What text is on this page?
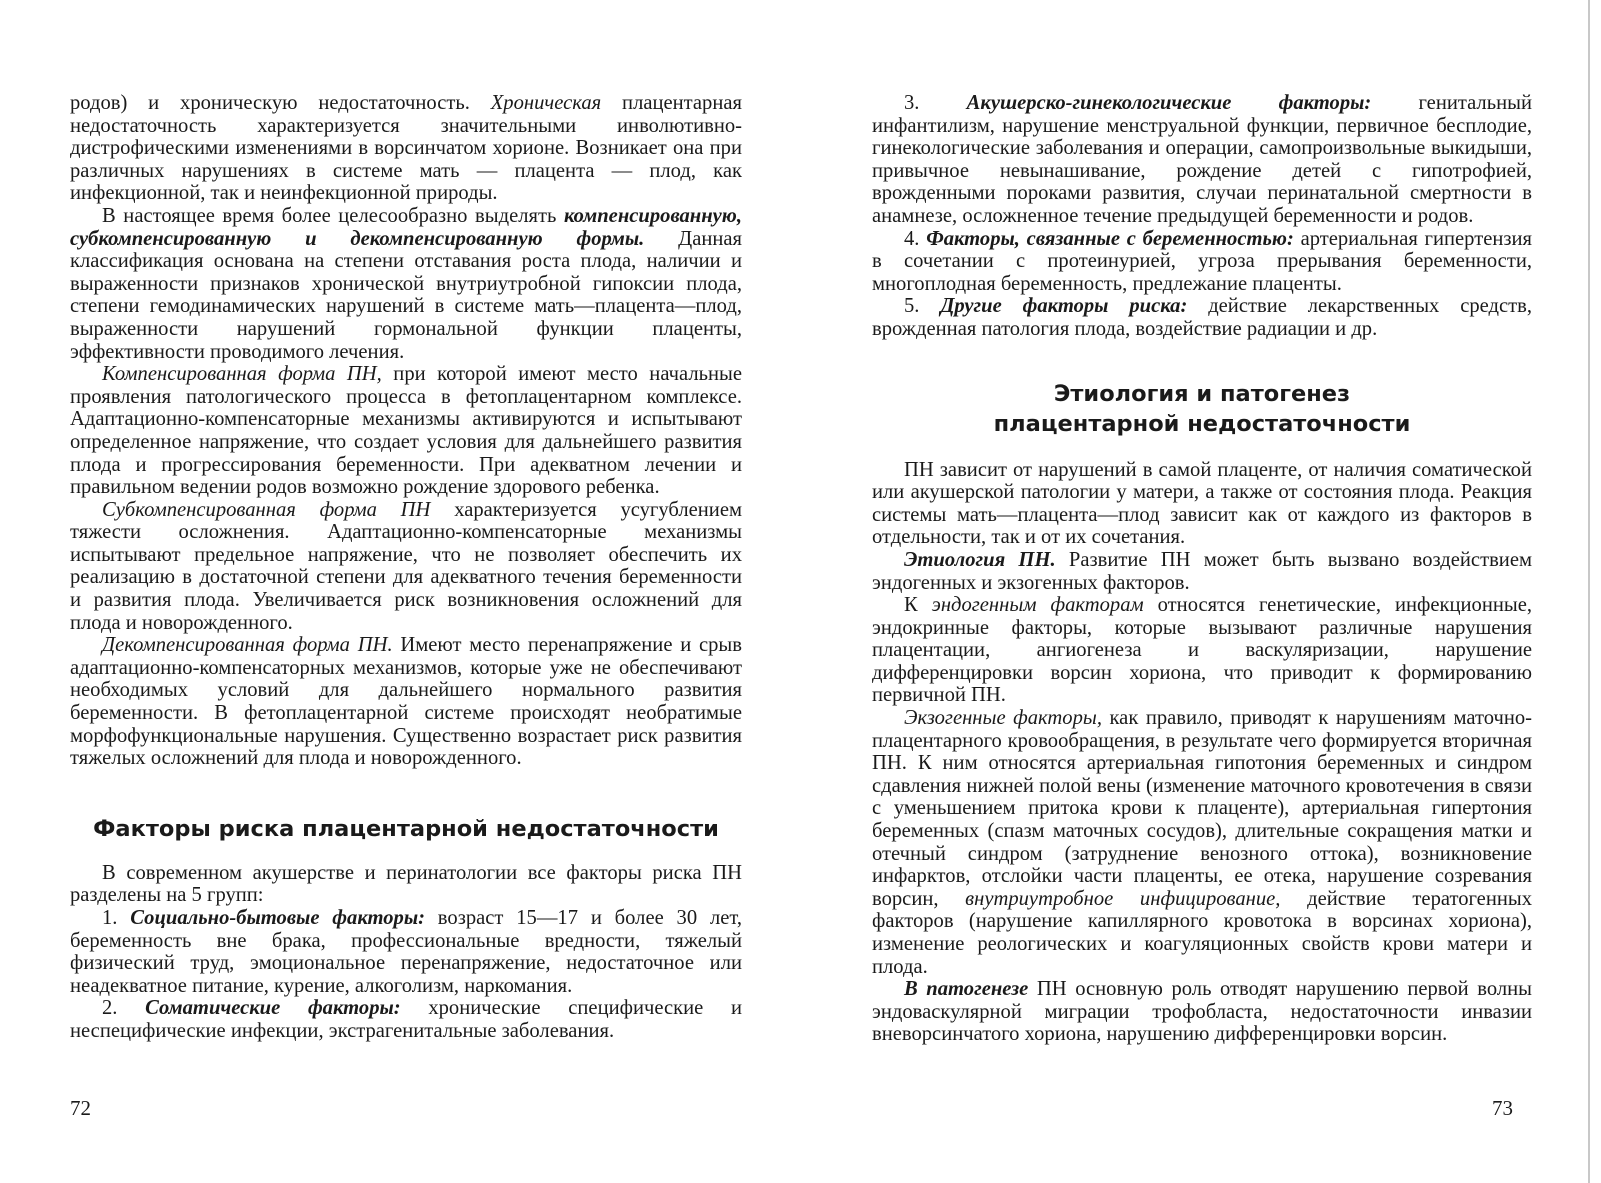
родов) и хроническую недостаточность. Хроническая плацентарная недостаточность характеризуется значительными инволютивно-дистрофическими изменениями в ворсинчатом хорионе. Возникает она при различных нарушениях в системе мать — плацента — плод, как инфекционной, так и неинфекционной природы.

В настоящее время более целесообразно выделять компенсированную, субкомпенсированную и декомпенсированную формы. Данная классификация основана на степени отставания роста плода, наличии и выраженности признаков хронической внутриутробной гипоксии плода, степени гемодинамических нарушений в системе мать—плацента—плод, выраженности нарушений гормональной функции плаценты, эффективности проводимого лечения.

Компенсированная форма ПН, при которой имеют место начальные проявления патологического процесса в фетоплацентарном комплексе. Адаптационно-компенсаторные механизмы активируются и испытывают определенное напряжение, что создает условия для дальнейшего развития плода и прогрессирования беременности. При адекватном лечении и правильном ведении родов возможно рождение здорового ребенка.

Субкомпенсированная форма ПН характеризуется усугублением тяжести осложнения. Адаптационно-компенсаторные механизмы испытывают предельное напряжение, что не позволяет обеспечить их реализацию в достаточной степени для адекватного течения беременности и развития плода. Увеличивается риск возникновения осложнений для плода и новорожденного.

Декомпенсированная форма ПН. Имеют место перенапряжение и срыв адаптационно-компенсаторных механизмов, которые уже не обеспечивают необходимых условий для дальнейшего нормального развития беременности. В фетоплацентарной системе происходят необратимые морфофункциональные нарушения. Существенно возрастает риск развития тяжелых осложнений для плода и новорожденного.

Факторы риска плацентарной недостаточности

В современном акушерстве и перинатологии все факторы риска ПН разделены на 5 групп:

1. Социально-бытовые факторы: возраст 15—17 и более 30 лет, беременность вне брака, профессиональные вредности, тяжелый физический труд, эмоциональное перенапряжение, недостаточное или неадекватное питание, курение, алкоголизм, наркомания.

2. Соматические факторы: хронические специфические и неспецифические инфекции, экстрагенитальные заболевания.

72

3. Акушерско-гинекологические факторы: генитальный инфантилизм, нарушение менструальной функции, первичное бесплодие, гинекологические заболевания и операции, самопроизвольные выкидыши, привычное невынашивание, рождение детей с гипотрофией, врожденными пороками развития, случаи перинатальной смертности в анамнезе, осложненное течение предыдущей беременности и родов.

4. Факторы, связанные с беременностью: артериальная гипертензия в сочетании с протеинурией, угроза прерывания беременности, многоплодная беременность, предлежание плаценты.

5. Другие факторы риска: действие лекарственных средств, врожденная патология плода, воздействие радиации и др.

Этиология и патогенез
плацентарной недостаточности

ПН зависит от нарушений в самой плаценте, от наличия соматической или акушерской патологии у матери, а также от состояния плода. Реакция системы мать—плацента—плод зависит как от каждого из факторов в отдельности, так и от их сочетания.

Этиология ПН. Развитие ПН может быть вызвано воздействием эндогенных и экзогенных факторов.

К эндогенным факторам относятся генетические, инфекционные, эндокринные факторы, которые вызывают различные нарушения плацентации, ангиогенеза и васкуляризации, нарушение дифференцировки ворсин хориона, что приводит к формированию первичной ПН.

Экзогенные факторы, как правило, приводят к нарушениям маточно-плацентарного кровообращения, в результате чего формируется вторичная ПН. К ним относятся артериальная гипотония беременных и синдром сдавления нижней полой вены (изменение маточного кровотечения в связи с уменьшением притока крови к плаценте), артериальная гипертония беременных (спазм маточных сосудов), длительные сокращения матки и отечный синдром (затруднение венозного оттока), возникновение инфарктов, отслойки части плаценты, ее отека, нарушение созревания ворсин, внутриутробное инфицирование, действие тератогенных факторов (нарушение капиллярного кровотока в ворсинах хориона), изменение реологических и коагуляционных свойств крови матери и плода.

В патогенезе ПН основную роль отводят нарушению первой волны эндоваскулярной миграции трофобласта, недостаточности инвазии вневорсинчатого хориона, нарушению дифференцировки ворсин.

73
